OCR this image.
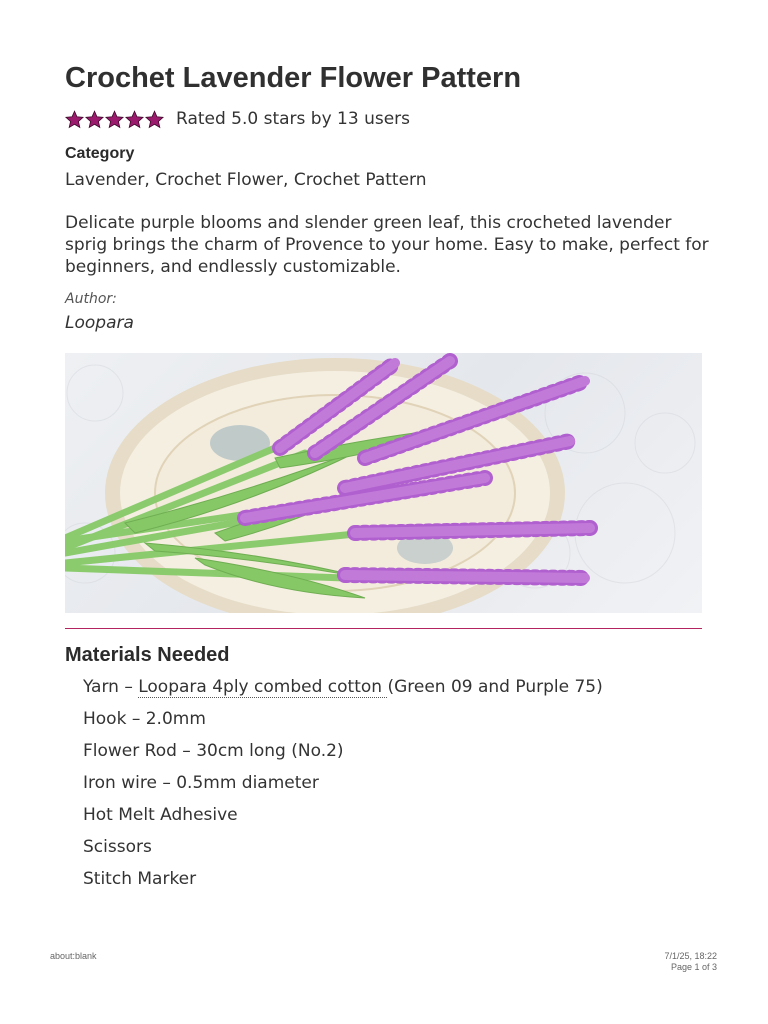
Crochet Lavender Flower Pattern
Rated 5.0 stars by 13 users
Category
Lavender, Crochet Flower, Crochet Pattern

Delicate purple blooms and slender green leaf, this crocheted lavender sprig brings the charm of Provence to your home. Easy to make, perfect for beginners, and endlessly customizable.

Author:
Loopara
Materials Needed
Yarn – Loopara 4ply combed cotton (Green 09 and Purple 75)
Hook – 2.0mm
Flower Rod – 30cm long (No.2)
Iron wire – 0.5mm diameter
Hot Melt Adhesive
Scissors
Stitch Marker
about:blank	7/1/25, 18:22
Page 1 of 3
